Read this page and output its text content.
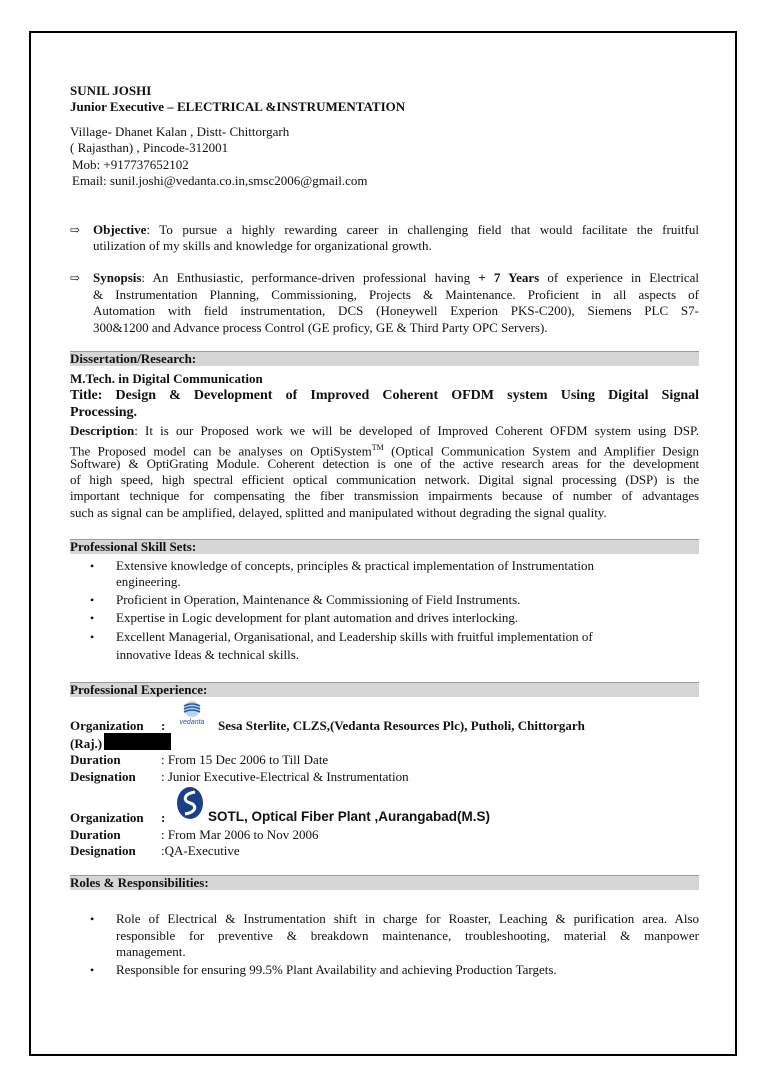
SUNIL JOSHI
Junior Executive – ELECTRICAL &INSTRUMENTATION
Village- Dhanet Kalan , Distt- Chittorgarh
( Rajasthan) , Pincode-312001
Mob: +917737652102
Email: sunil.joshi@vedanta.co.in,smsc2006@gmail.com
⇨ Objective: To pursue a highly rewarding career in challenging field that would facilitate the fruitful
utilization of my skills and knowledge for organizational growth.
⇨ Synopsis: An Enthusiastic, performance-driven professional having + 7 Years of experience in Electrical
& Instrumentation Planning, Commissioning, Projects & Maintenance. Proficient in all aspects of
Automation with field instrumentation, DCS (Honeywell Experion PKS-C200), Siemens PLC S7-
300&1200 and Advance process Control (GE proficy, GE & Third Party OPC Servers).
Dissertation/Research:
M.Tech. in Digital Communication
Title: Design & Development of Improved Coherent OFDM system Using Digital Signal
Processing.
Description: It is our Proposed work we will be developed of Improved Coherent OFDM system using DSP.
The Proposed model can be analyses on OptiSystem™ (Optical Communication System and Amplifier Design
Software) & OptiGrating Module. Coherent detection is one of the active research areas for the development
of high speed, high spectral efficient optical communication network. Digital signal processing (DSP) is the
important technique for compensating the fiber transmission impairments because of number of advantages
such as signal can be amplified, delayed, splitted and manipulated without degrading the signal quality.
Professional Skill Sets:
• Extensive knowledge of concepts, principles & practical implementation of Instrumentation
engineering.
• Proficient in Operation, Maintenance & Commissioning of Field Instruments.
• Expertise in Logic development for plant automation and drives interlocking.
• Excellent Managerial, Organisational, and Leadership skills with fruitful implementation of
innovative Ideas & technical skills.
Professional Experience:
vedanta
Organization :	Sesa Sterlite, CLZS,(Vedanta Resources Plc), Putholi, Chittorgarh
(Raj.)
Duration	: From 15 Dec 2006 to Till Date
Designation : Junior Executive-Electrical & Instrumentation
Organization :	SOTL, Optical Fiber Plant ,Aurangabad(M.S)
Duration	: From Mar 2006 to Nov 2006
Designation :QA-Executive
Roles & Responsibilities:
• Role of Electrical & Instrumentation shift in charge for Roaster, Leaching & purification area. Also
responsible for preventive & breakdown maintenance, troubleshooting, material & manpower
management.
• Responsible for ensuring 99.5% Plant Availability and achieving Production Targets.
